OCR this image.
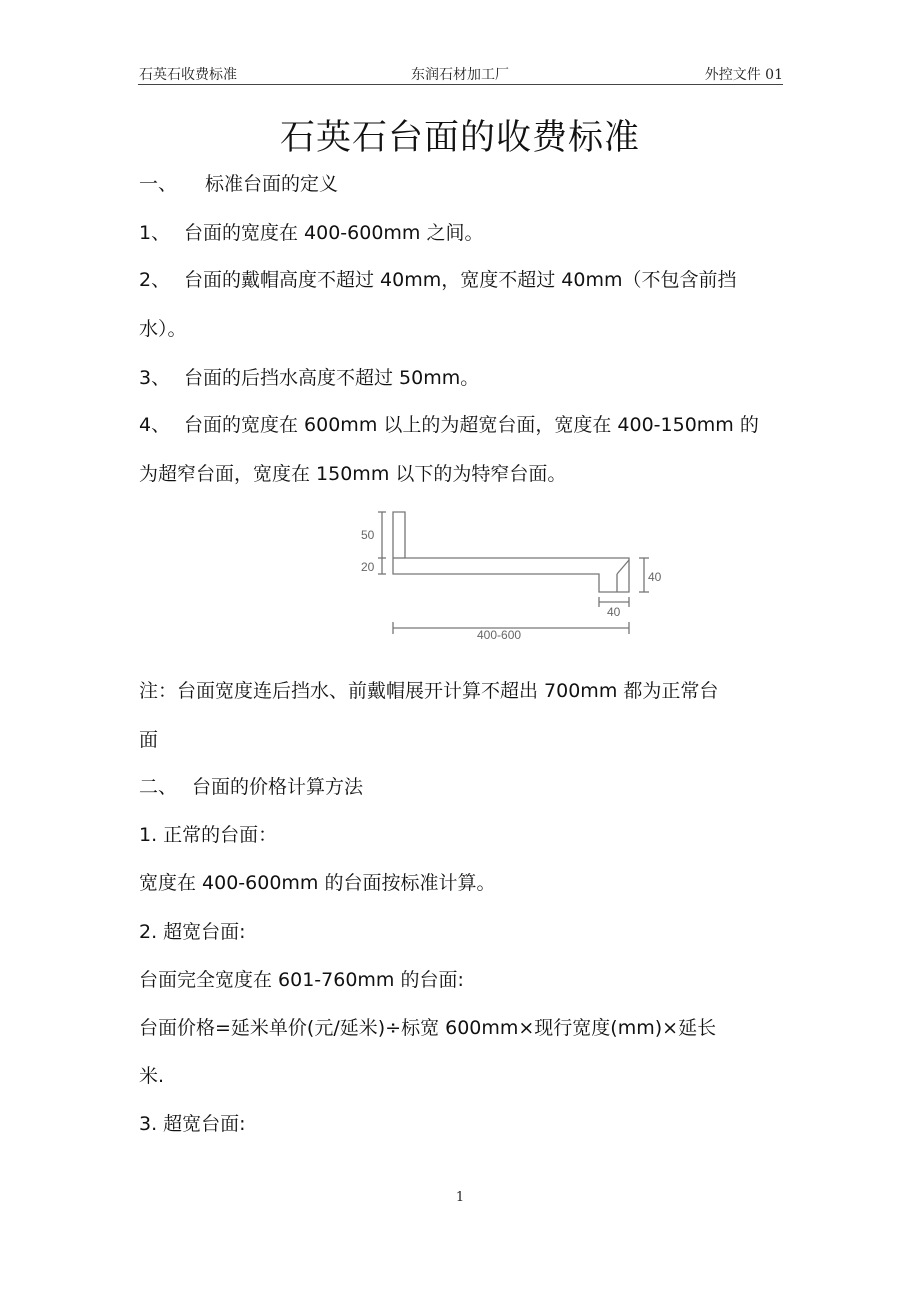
石英石收费标准	东润石材加工厂	外控文件 01
石英石台面的收费标准
一、 标准台面的定义
1、 台面的宽度在 400-600mm 之间。
2、 台面的戴帽高度不超过 40mm，宽度不超过 40mm（不包含前挡
水）。
3、 台面的后挡水高度不超过 50mm。
4、 台面的宽度在 600mm 以上的为超宽台面，宽度在 400-150mm 的
为超窄台面，宽度在 150mm 以下的为特窄台面。
50
20
40
40
400-600
注：台面宽度连后挡水、前戴帽展开计算不超出 700mm 都为正常台
面
二、 台面的价格计算方法
1. 正常的台面：
宽度在 400-600mm 的台面按标准计算。
2. 超宽台面:
台面完全宽度在 601-760mm 的台面:
台面价格=延米单价(元/延米)÷标宽 600mm×现行宽度(mm)×延长
米.
3. 超宽台面:
1
